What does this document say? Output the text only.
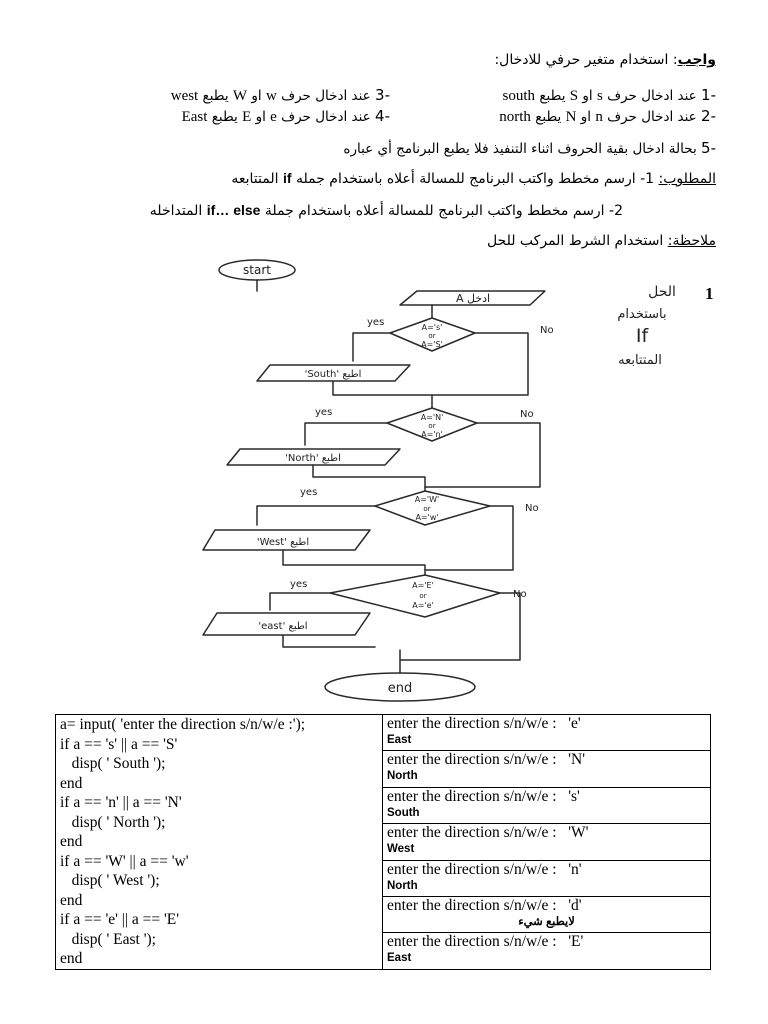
واجب: استخدام متغير حرفي للادخال:
-1 عند ادخال حرف s او S يطبع south
-2 عند ادخال حرف n او N يطبع north
-3 عند ادخال حرف w او W يطبع west
-4 عند ادخال حرف e او E يطبع East
-5 بحالة ادخال بقية الحروف اثناء التنفيذ فلا يطبع البرنامج أي عباره
المطلوب: 1- ارسم مخطط واكتب البرنامج للمسالة أعلاه باستخدام جمله if المتتابعه
2- ارسم مخطط واكتب البرنامج للمسالة أعلاه باستخدام جملة if… else المتداخله
ملاحظة: استخدام الشرط المركب للحل
1
الحل
باستخدام
If
المتتابعه
start
A ادخل
A='s'
or
A='S'
yes
No
'South' اطبع
A='N'
or
A='n'
yes	No
'North' اطبع
A='W'
or
A='w'
yes
No
'West' اطبع
A='E'
or
A='e'
yes
No
'east' اطبع
end
a= input( 'enter the direction s/n/w/e :');
if a == 's' || a == 'S'
disp( ' South ');
end
if a == 'n' || a == 'N'
disp( ' North ');
end
if a == 'W' || a == 'w'
disp( ' West ');
end
if a == 'e' || a == 'E'
disp( ' East ');
end

enter the direction s/n/w/e :   'e'
East

enter the direction s/n/w/e :   'N'
North

enter the direction s/n/w/e :   's'
South

enter the direction s/n/w/e :   'W'
West

enter the direction s/n/w/e :   'n'
North

enter the direction s/n/w/e :   'd'
لايطبع شيء

enter the direction s/n/w/e :   'E'
East
